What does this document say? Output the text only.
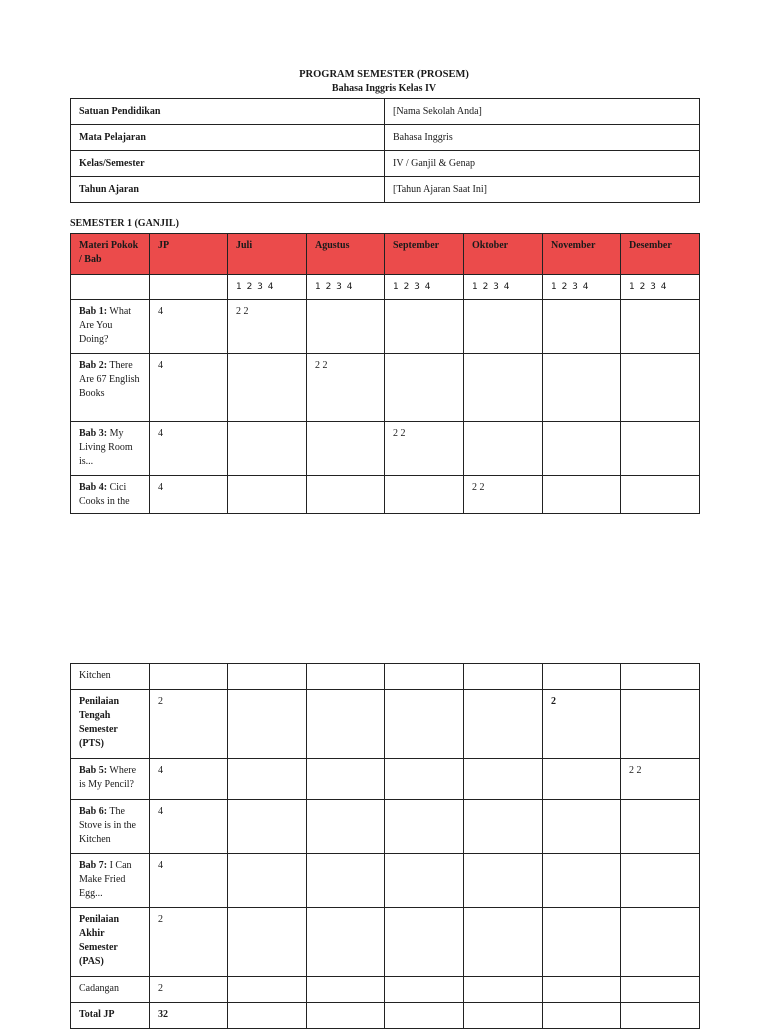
PROGRAM SEMESTER (PROSEM)
Bahasa Inggris Kelas IV
Satuan Pendidikan	[Nama Sekolah Anda]
Mata Pelajaran	Bahasa Inggris
Kelas/Semester	IV / Ganjil & Genap
Tahun Ajaran	[Tahun Ajaran Saat Ini]
SEMESTER 1 (GANJIL)
Materi Pokok / Bab	JP	Juli	Agustus	September	Oktober	November	Desember
		1 2 3 4	1 2 3 4	1 2 3 4	1 2 3 4	1 2 3 4	1 2 3 4
Bab 1: What Are You Doing?	4	2 2					
Bab 2: There Are 67 English Books	4		2 2				
Bab 3: My Living Room is...	4			2 2			
Bab 4: Cici Cooks in the	4				2 2		
Kitchen							
Penilaian Tengah Semester (PTS)	2					2	
Bab 5: Where is My Pencil?	4						2 2
Bab 6: The Stove is in the Kitchen	4						
Bab 7: I Can Make Fried Egg...	4						
Penilaian Akhir Semester (PAS)	2						
Cadangan	2						
Total JP	32						
